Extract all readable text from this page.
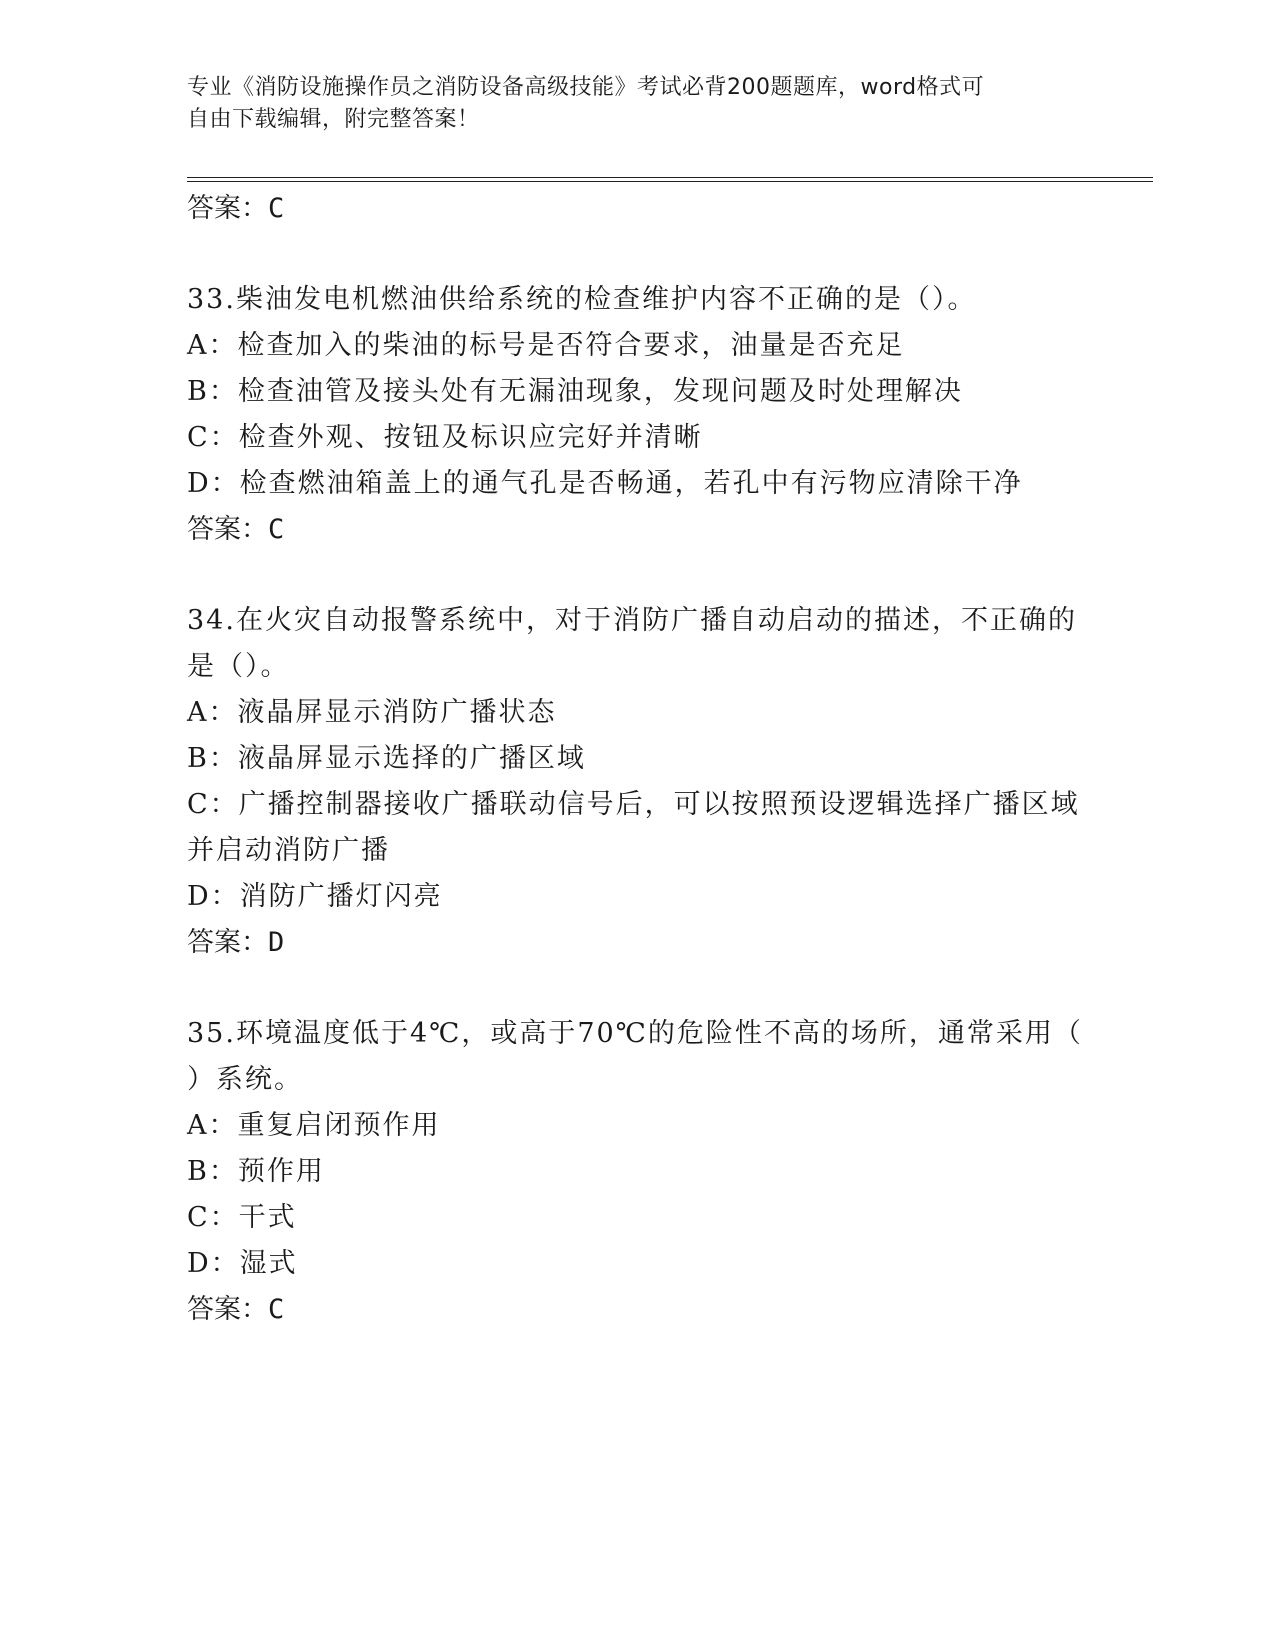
专业《消防设施操作员之消防设备高级技能》考试必背200题题库，word格式可
自由下载编辑，附完整答案！
答案：C
33.柴油发电机燃油供给系统的检查维护内容不正确的是（）。
A：检查加入的柴油的标号是否符合要求，油量是否充足
B：检查油管及接头处有无漏油现象，发现问题及时处理解决
C：检查外观、按钮及标识应完好并清晰
D：检查燃油箱盖上的通气孔是否畅通，若孔中有污物应清除干净
答案：C
34.在火灾自动报警系统中，对于消防广播自动启动的描述，不正确的
是（）。
A：液晶屏显示消防广播状态
B：液晶屏显示选择的广播区域
C：广播控制器接收广播联动信号后，可以按照预设逻辑选择广播区域
并启动消防广播
D：消防广播灯闪亮
答案：D
35.环境温度低于4℃，或高于70℃的危险性不高的场所，通常采用（
）系统。
A：重复启闭预作用
B：预作用
C：干式
D：湿式
答案：C
